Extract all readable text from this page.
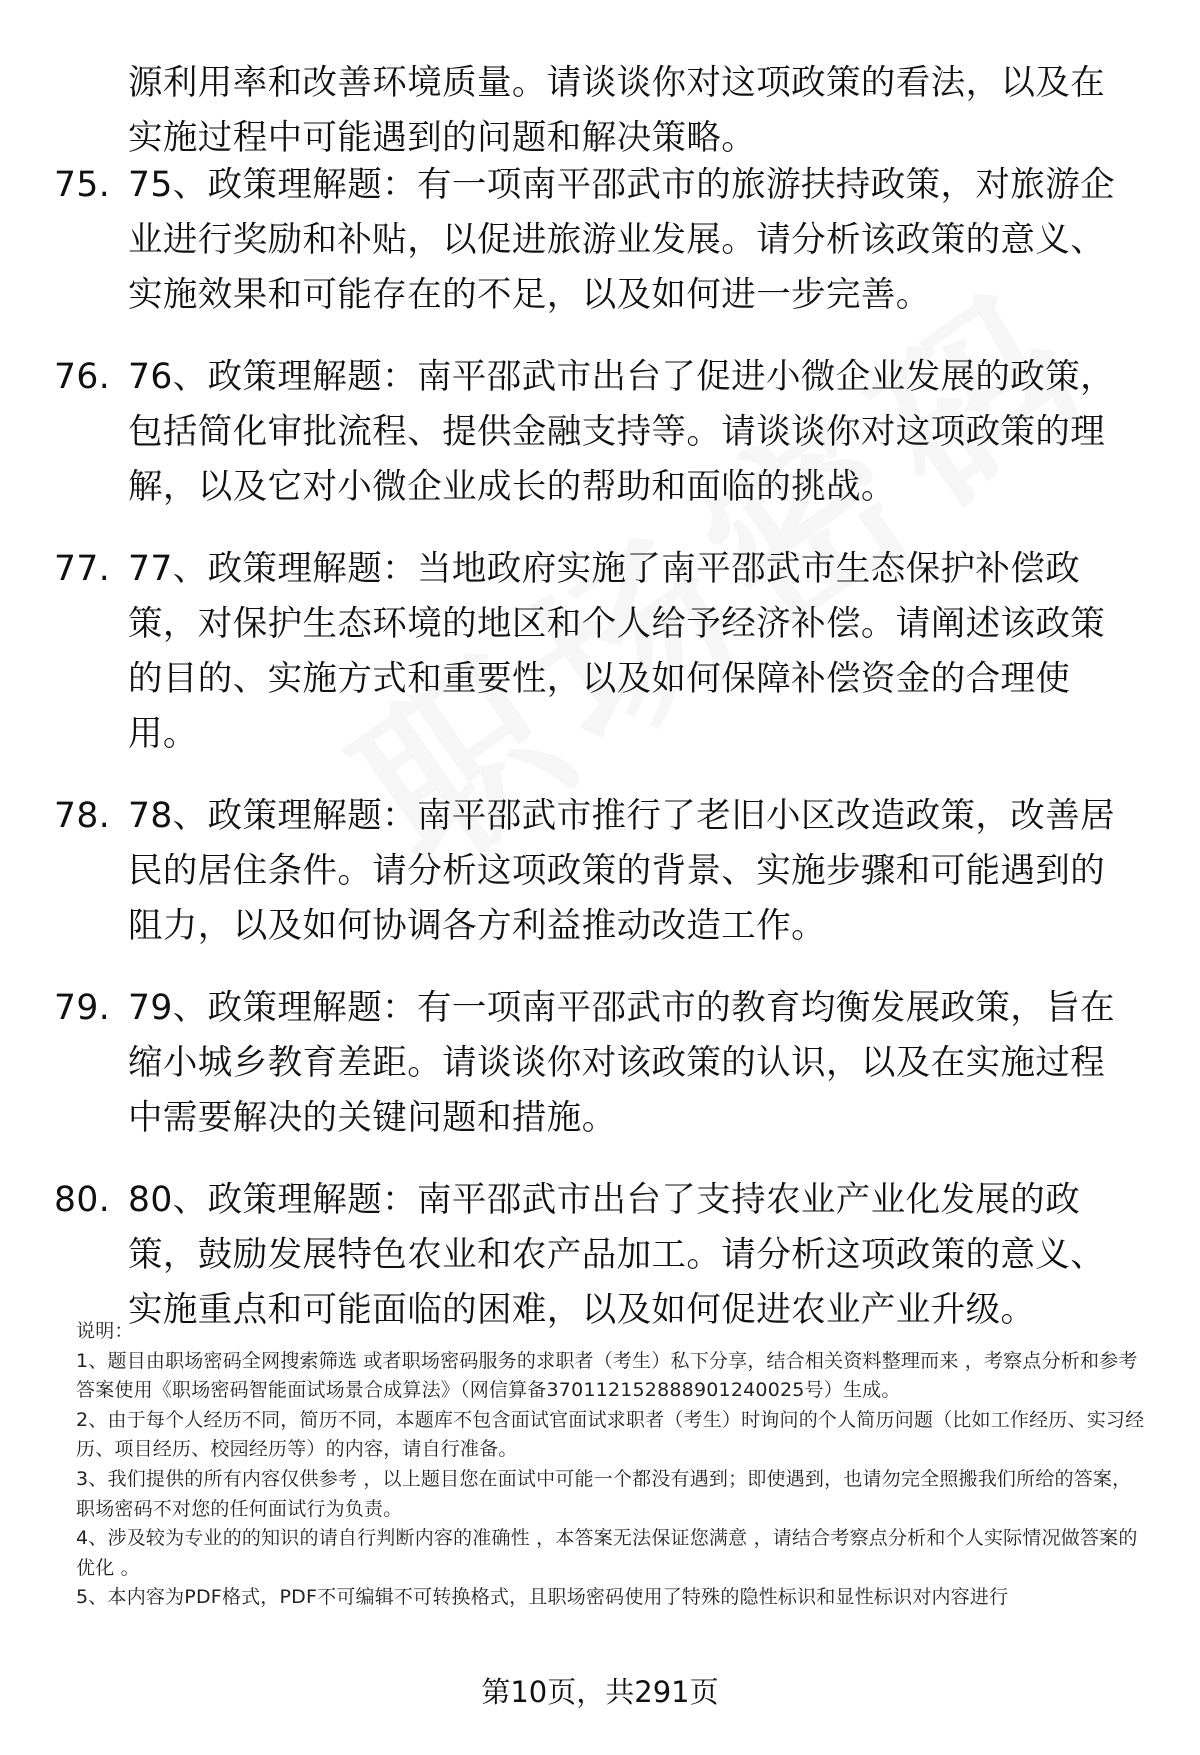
源利用率和改善环境质量。请谈谈你对这项政策的看法，以及在实施过程中可能遇到的问题和解决策略。
75. 75、政策理解题：有一项南平邵武市的旅游扶持政策，对旅游企业进行奖励和补贴，以促进旅游业发展。请分析该政策的意义、实施效果和可能存在的不足，以及如何进一步完善。
76. 76、政策理解题：南平邵武市出台了促进小微企业发展的政策，包括简化审批流程、提供金融支持等。请谈谈你对这项政策的理解，以及它对小微企业成长的帮助和面临的挑战。
77. 77、政策理解题：当地政府实施了南平邵武市生态保护补偿政策，对保护生态环境的地区和个人给予经济补偿。请阐述该政策的目的、实施方式和重要性，以及如何保障补偿资金的合理使用。
78. 78、政策理解题：南平邵武市推行了老旧小区改造政策，改善居民的居住条件。请分析这项政策的背景、实施步骤和可能遇到的阻力，以及如何协调各方利益推动改造工作。
79. 79、政策理解题：有一项南平邵武市的教育均衡发展政策，旨在缩小城乡教育差距。请谈谈你对该政策的认识，以及在实施过程中需要解决的关键问题和措施。
80. 80、政策理解题：南平邵武市出台了支持农业产业化发展的政策，鼓励发展特色农业和农产品加工。请分析这项政策的意义、实施重点和可能面临的困难，以及如何促进农业产业升级。

说明：

1、题目由职场密码全网搜索筛选 或者职场密码服务的求职者（考生）私下分享，结合相关资料整理而来 ，考察点分析和参考答案使用《职场密码智能面试场景合成算法》（网信算备370112152888901240025号）生成。

2、由于每个人经历不同，简历不同，本题库不包含面试官面试求职者（考生）时询问的个人简历问题（比如工作经历、实习经历、项目经历、校园经历等）的内容，请自行准备。

3、我们提供的所有内容仅供参考 ，以上题目您在面试中可能一个都没有遇到；即使遇到，也请勿完全照搬我们所给的答案，职场密码不对您的任何面试行为负责。

4、涉及较为专业的的知识的请自行判断内容的准确性 ，本答案无法保证您满意 ，请结合考察点分析和个人实际情况做答案的优化 。

5、本内容为PDF格式，PDF不可编辑不可转换格式，且职场密码使用了特殊的隐性标识和显性标识对内容进行

第10页，共291页
